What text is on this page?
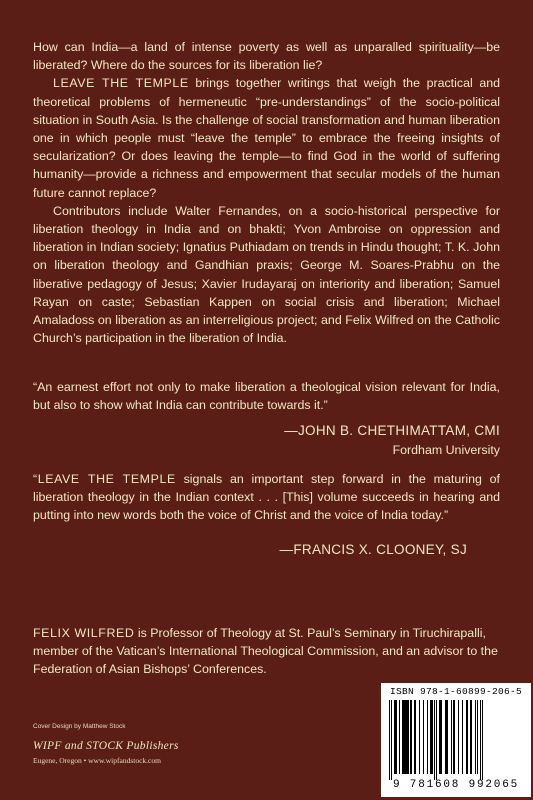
How can India—a land of intense poverty as well as unparalled spirituality—be liberated? Where do the sources for its liberation lie?

LEAVE THE TEMPLE brings together writings that weigh the practical and theoretical problems of hermeneutic “pre-understandings” of the socio-political situation in South Asia. Is the challenge of social transformation and human liberation one in which people must “leave the temple” to embrace the freeing insights of secularization? Or does leaving the temple—to find God in the world of suffering humanity—provide a richness and empowerment that secular models of the human future cannot replace?

Contributors include Walter Fernandes, on a socio-historical perspective for liberation theology in India and on bhakti; Yvon Ambroise on oppression and liberation in Indian society; Ignatius Puthiadam on trends in Hindu thought; T. K. John on liberation theology and Gandhian praxis; George M. Soares-Prabhu on the liberative pedagogy of Jesus; Xavier Irudayaraj on interiority and liberation; Samuel Rayan on caste; Sebastian Kappen on social crisis and liberation; Michael Amaladoss on liberation as an interreligious project; and Felix Wilfred on the Catholic Church’s participation in the liberation of India.

“An earnest effort not only to make liberation a theological vision relevant for India, but also to show what India can contribute towards it.”

—JOHN B. CHETHIMATTAM, CMI
Fordham University

“LEAVE THE TEMPLE signals an important step forward in the maturing of liberation theology in the Indian context . . . [This] volume succeeds in hearing and putting into new words both the voice of Christ and the voice of India today.”

—FRANCIS X. CLOONEY, SJ

FELIX WILFRED is Professor of Theology at St. Paul’s Seminary in Tiruchirapalli, member of the Vatican’s International Theological Commission, and an advisor to the Federation of Asian Bishops’ Conferences.

Cover Design by Matthew Stock
WIPF and STOCK Publishers
Eugene, Oregon • www.wipfandstock.com
ISBN 978-1-60899-206-5
9 781608 992065
